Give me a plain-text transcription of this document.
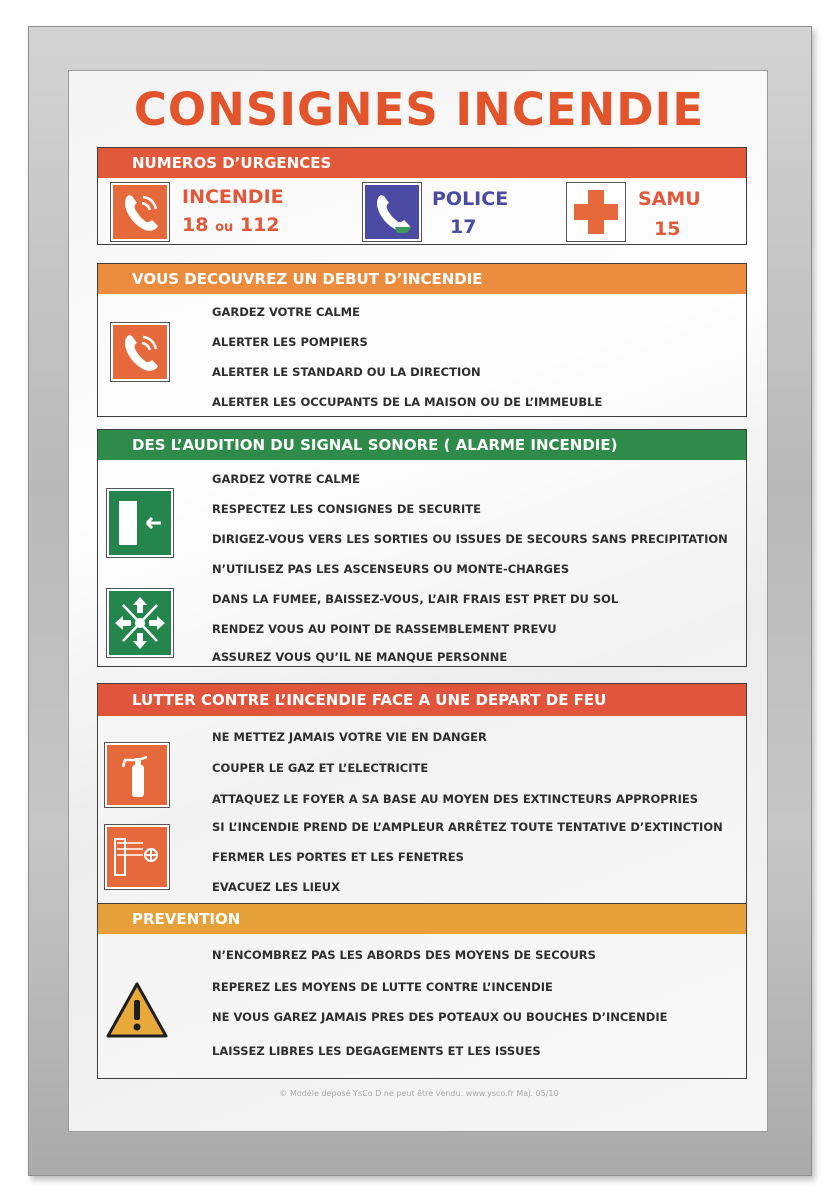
CONSIGNES INCENDIE
NUMEROS D’URGENCES
INCENDIE
18 ou 112
POLICE
17
SAMU
15
VOUS DECOUVREZ UN DEBUT D’INCENDIE
GARDEZ VOTRE CALME
ALERTER LES POMPIERS
ALERTER LE STANDARD OU LA DIRECTION
ALERTER LES OCCUPANTS DE LA MAISON OU DE L’IMMEUBLE
DES L’AUDITION DU SIGNAL SONORE ( ALARME INCENDIE)
GARDEZ VOTRE CALME
RESPECTEZ LES CONSIGNES DE SECURITE
DIRIGEZ-VOUS VERS LES SORTIES OU ISSUES DE SECOURS SANS PRECIPITATION
N’UTILISEZ PAS LES ASCENSEURS OU MONTE-CHARGES
DANS LA FUMEE, BAISSEZ-VOUS, L’AIR FRAIS EST PRET DU SOL
RENDEZ VOUS AU POINT DE RASSEMBLEMENT PREVU
ASSUREZ VOUS QU’IL NE MANQUE PERSONNE
LUTTER CONTRE L’INCENDIE FACE A UNE DEPART DE FEU
NE METTEZ JAMAIS VOTRE VIE EN DANGER
COUPER LE GAZ ET L’ELECTRICITE
ATTAQUEZ LE FOYER A SA BASE AU MOYEN DES EXTINCTEURS APPROPRIES
SI L’INCENDIE PREND DE L’AMPLEUR ARRÊTEZ TOUTE TENTATIVE D’EXTINCTION
FERMER LES PORTES ET LES FENETRES
EVACUEZ LES LIEUX
PREVENTION
N’ENCOMBREZ PAS LES ABORDS DES MOYENS DE SECOURS
REPEREZ LES MOYENS DE LUTTE CONTRE L’INCENDIE
NE VOUS GAREZ JAMAIS PRES DES POTEAUX OU BOUCHES D’INCENDIE
LAISSEZ LIBRES LES DEGAGEMENTS ET LES ISSUES
© Modèle deposé YsCo D ne peut être vendu. www.ysco.fr Maj. 05/10
